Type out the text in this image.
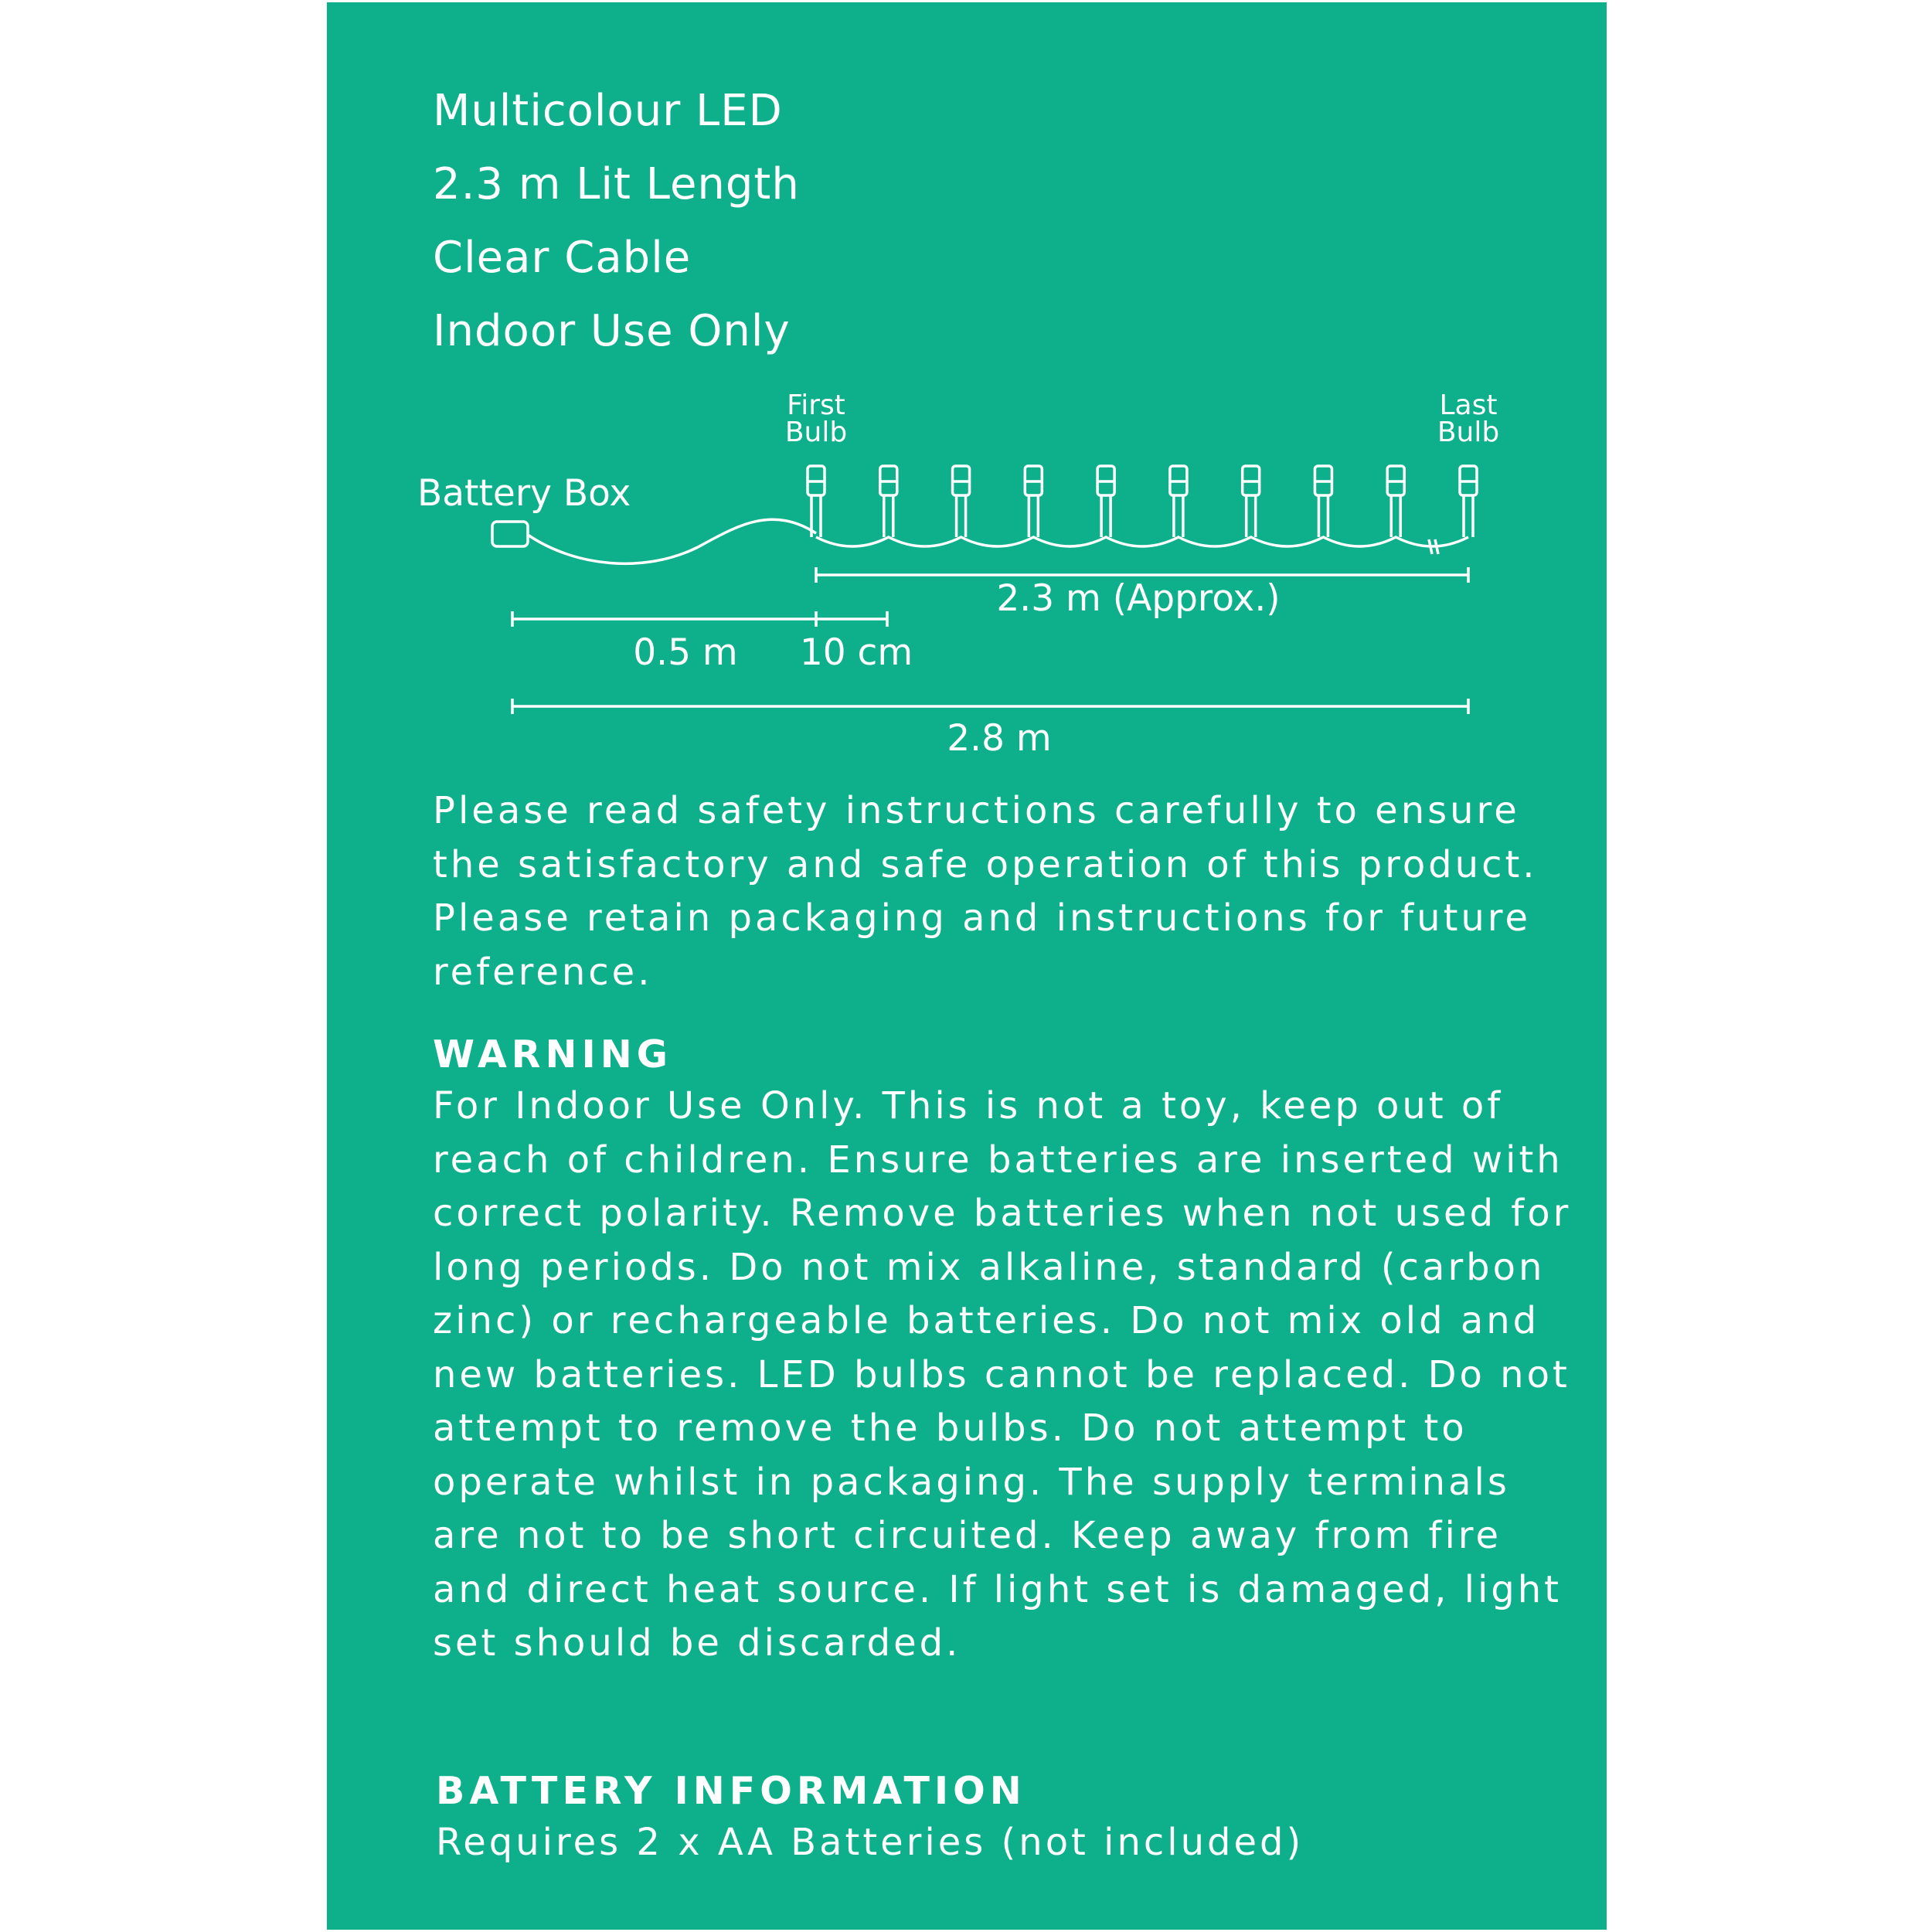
Multicolour LED
2.3 m Lit Length
Clear Cable
Indoor Use Only
Battery Box
First
Bulb
Last
Bulb
2.3 m (Approx.)
0.5 m 10 cm
2.8 m

Please read safety instructions carefully to ensure the satisfactory and safe operation of this product. Please retain packaging and instructions for future reference.

WARNING

For Indoor Use Only. This is not a toy, keep out of reach of children. Ensure batteries are inserted with correct polarity. Remove batteries when not used for long periods. Do not mix alkaline, standard (carbon zinc) or rechargeable batteries. Do not mix old and new batteries. LED bulbs cannot be replaced. Do not attempt to remove the bulbs. Do not attempt to operate whilst in packaging. The supply terminals are not to be short circuited. Keep away from fire and direct heat source. If light set is damaged, light set should be discarded.

BATTERY INFORMATION

Requires 2 x AA Batteries (not included)
